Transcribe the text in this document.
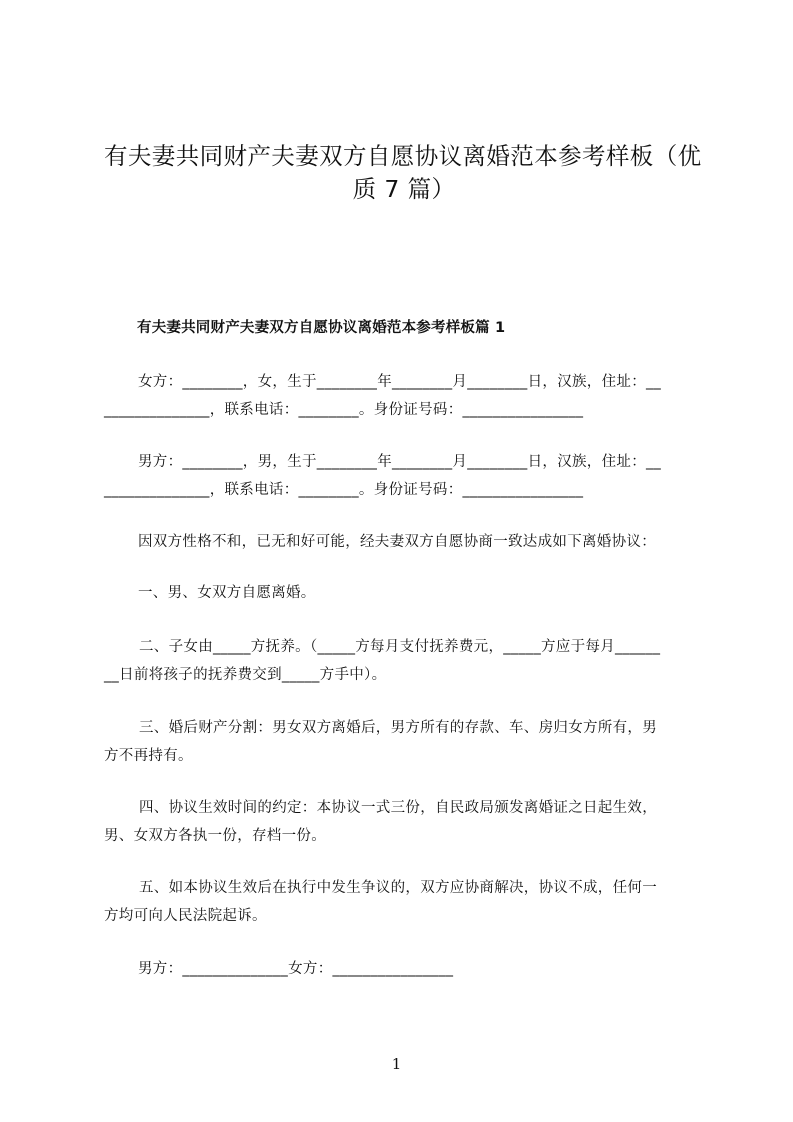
有夫妻共同财产夫妻双方自愿协议离婚范本参考样板（优
质 7 篇）
有夫妻共同财产夫妻双方自愿协议离婚范本参考样板篇 1
女方：________，女，生于________年________月________日，汉族，住址：__
______________，联系电话：________。身份证号码：________________
男方：________，男，生于________年________月________日，汉族，住址：__
______________，联系电话：________。身份证号码：________________
因双方性格不和，已无和好可能，经夫妻双方自愿协商一致达成如下离婚协议：
一、男、女双方自愿离婚。
二、子女由_____方抚养。（_____方每月支付抚养费元，_____方应于每月______
__日前将孩子的抚养费交到_____方手中）。
三、婚后财产分割：男女双方离婚后，男方所有的存款、车、房归女方所有，男
方不再持有。
四、协议生效时间的约定：本协议一式三份，自民政局颁发离婚证之日起生效，
男、女双方各执一份，存档一份。
五、如本协议生效后在执行中发生争议的，双方应协商解决，协议不成，任何一
方均可向人民法院起诉。
男方：______________女方：________________
1
